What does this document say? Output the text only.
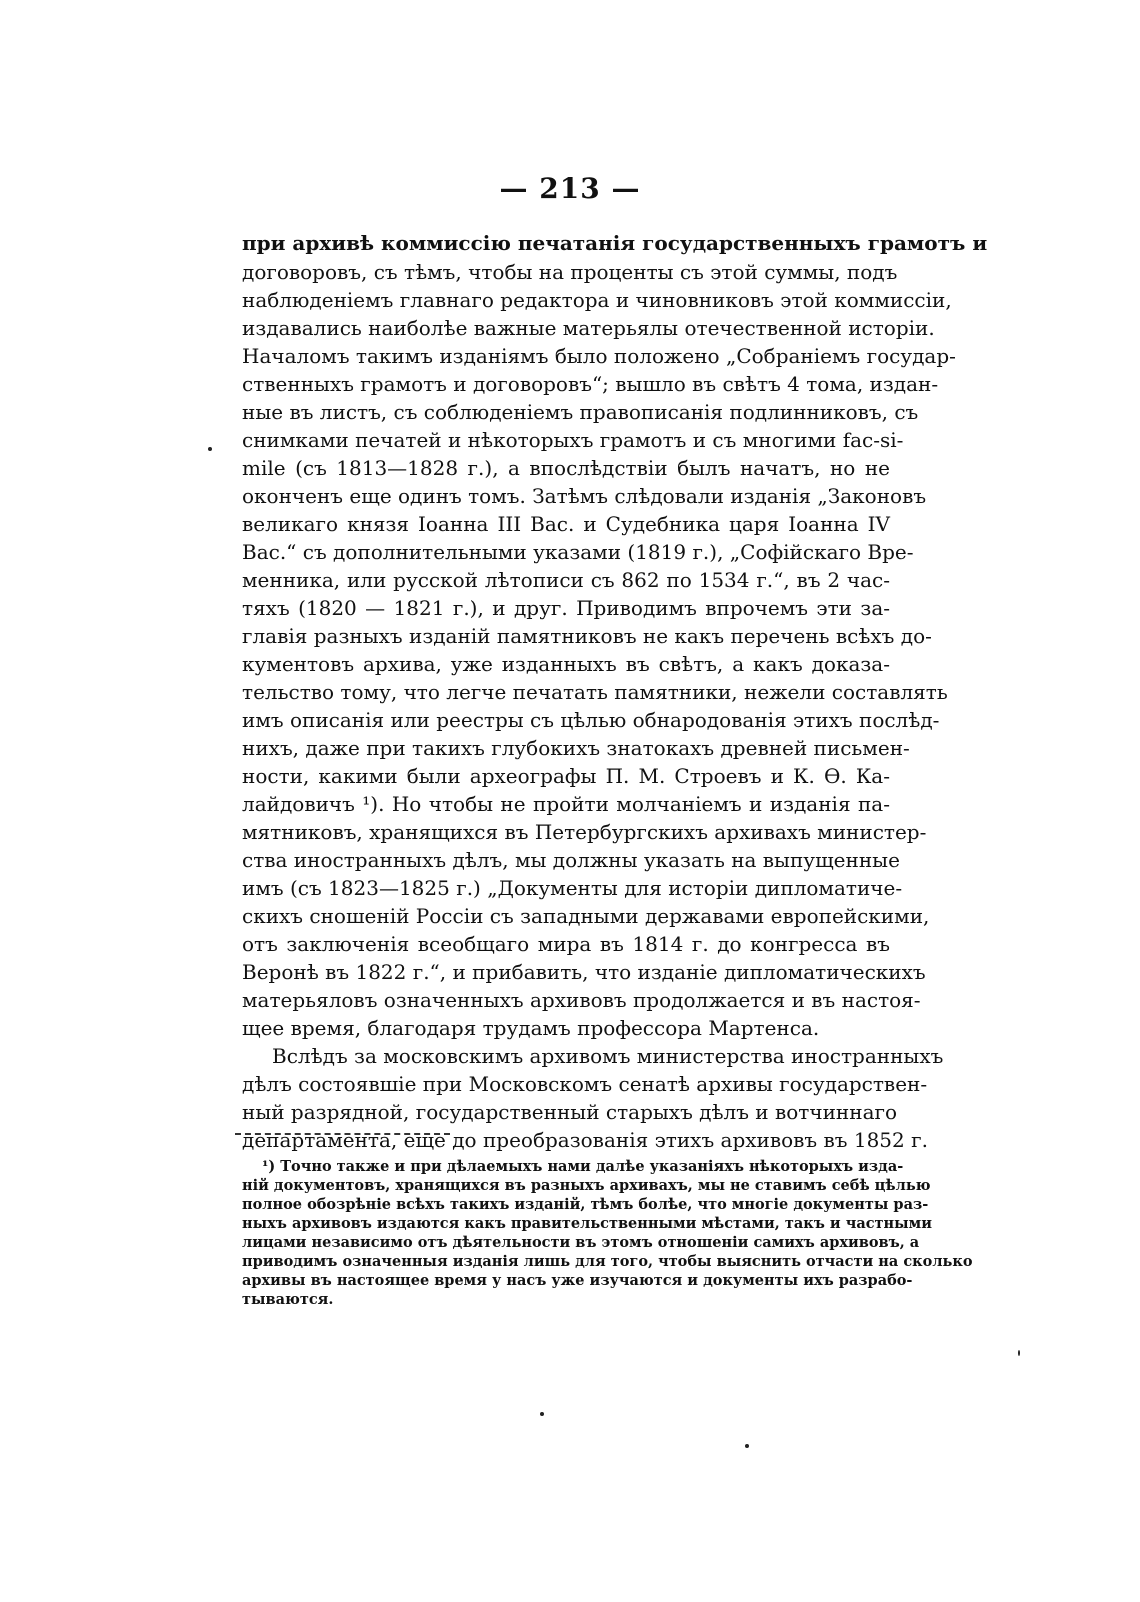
— 213 —
при архивѣ коммиссію печатанія государственныхъ грамотъ и
договоровъ, съ тѣмъ, чтобы на проценты съ этой суммы, подъ
наблюденіемъ главнаго редактора и чиновниковъ этой коммиссіи,
издавались наиболѣе важные матерьялы отечественной исторіи.
Началомъ такимъ изданіямъ было положено „Собраніемъ государ-
ственныхъ грамотъ и договоровъ“; вышло въ свѣтъ 4 тома, издан-
ные въ листъ, съ соблюденіемъ правописанія подлинниковъ, съ
снимками печатей и нѣкоторыхъ грамотъ и съ многими fac-si-
mile (съ 1813—1828 г.), а впослѣдствіи былъ начатъ, но не
оконченъ еще одинъ томъ. Затѣмъ слѣдовали изданія „Законовъ
великаго князя Іоанна III Вас. и Судебника царя Іоанна IV
Вас.“ съ дополнительными указами (1819 г.), „Софійскаго Вре-
менника, или русской лѣтописи съ 862 по 1534 г.“, въ 2 час-
тяхъ (1820 — 1821 г.), и друг. Приводимъ впрочемъ эти за-
главія разныхъ изданій памятниковъ не какъ перечень всѣхъ до-
кументовъ архива, уже изданныхъ въ свѣтъ, а какъ доказа-
тельство тому, что легче печатать памятники, нежели составлять
имъ описанія или реестры съ цѣлью обнародованія этихъ послѣд-
нихъ, даже при такихъ глубокихъ знатокахъ древней письмен-
ности, какими были археографы П. М. Строевъ и К. Ѳ. Ка-
лайдовичъ ¹). Но чтобы не пройти молчаніемъ и изданія па-
мятниковъ, хранящихся въ Петербургскихъ архивахъ министер-
ства иностранныхъ дѣлъ, мы должны указать на выпущенные
имъ (съ 1823—1825 г.) „Документы для исторіи дипломатиче-
скихъ сношеній Россіи съ западными державами европейскими,
отъ заключенія всеобщаго мира въ 1814 г. до конгресса въ
Веронѣ въ 1822 г.“, и прибавить, что изданіе дипломатическихъ
матерьяловъ означенныхъ архивовъ продолжается и въ настоя-
щее время, благодаря трудамъ профессора Мартенса.
Вслѣдъ за московскимъ архивомъ министерства иностранныхъ
дѣлъ состоявшіе при Московскомъ сенатѣ архивы государствен-
ный разрядной, государственный старыхъ дѣлъ и вотчиннаго
департамента, еще до преобразованія этихъ архивовъ въ 1852 г.
¹) Точно также и при дѣлаемыхъ нами далѣе указаніяхъ нѣкоторыхъ изда-
ній документовъ, хранящихся въ разныхъ архивахъ, мы не ставимъ себѣ цѣлью
полное обозрѣніе всѣхъ такихъ изданій, тѣмъ болѣе, что многіе документы раз-
ныхъ архивовъ издаются какъ правительственными мѣстами, такъ и частными
лицами независимо отъ дѣятельности въ этомъ отношеніи самихъ архивовъ, а
приводимъ означенныя изданія лишь для того, чтобы выяснить отчасти на сколько
архивы въ настоящее время у насъ уже изучаются и документы ихъ разрабо-
тываются.
